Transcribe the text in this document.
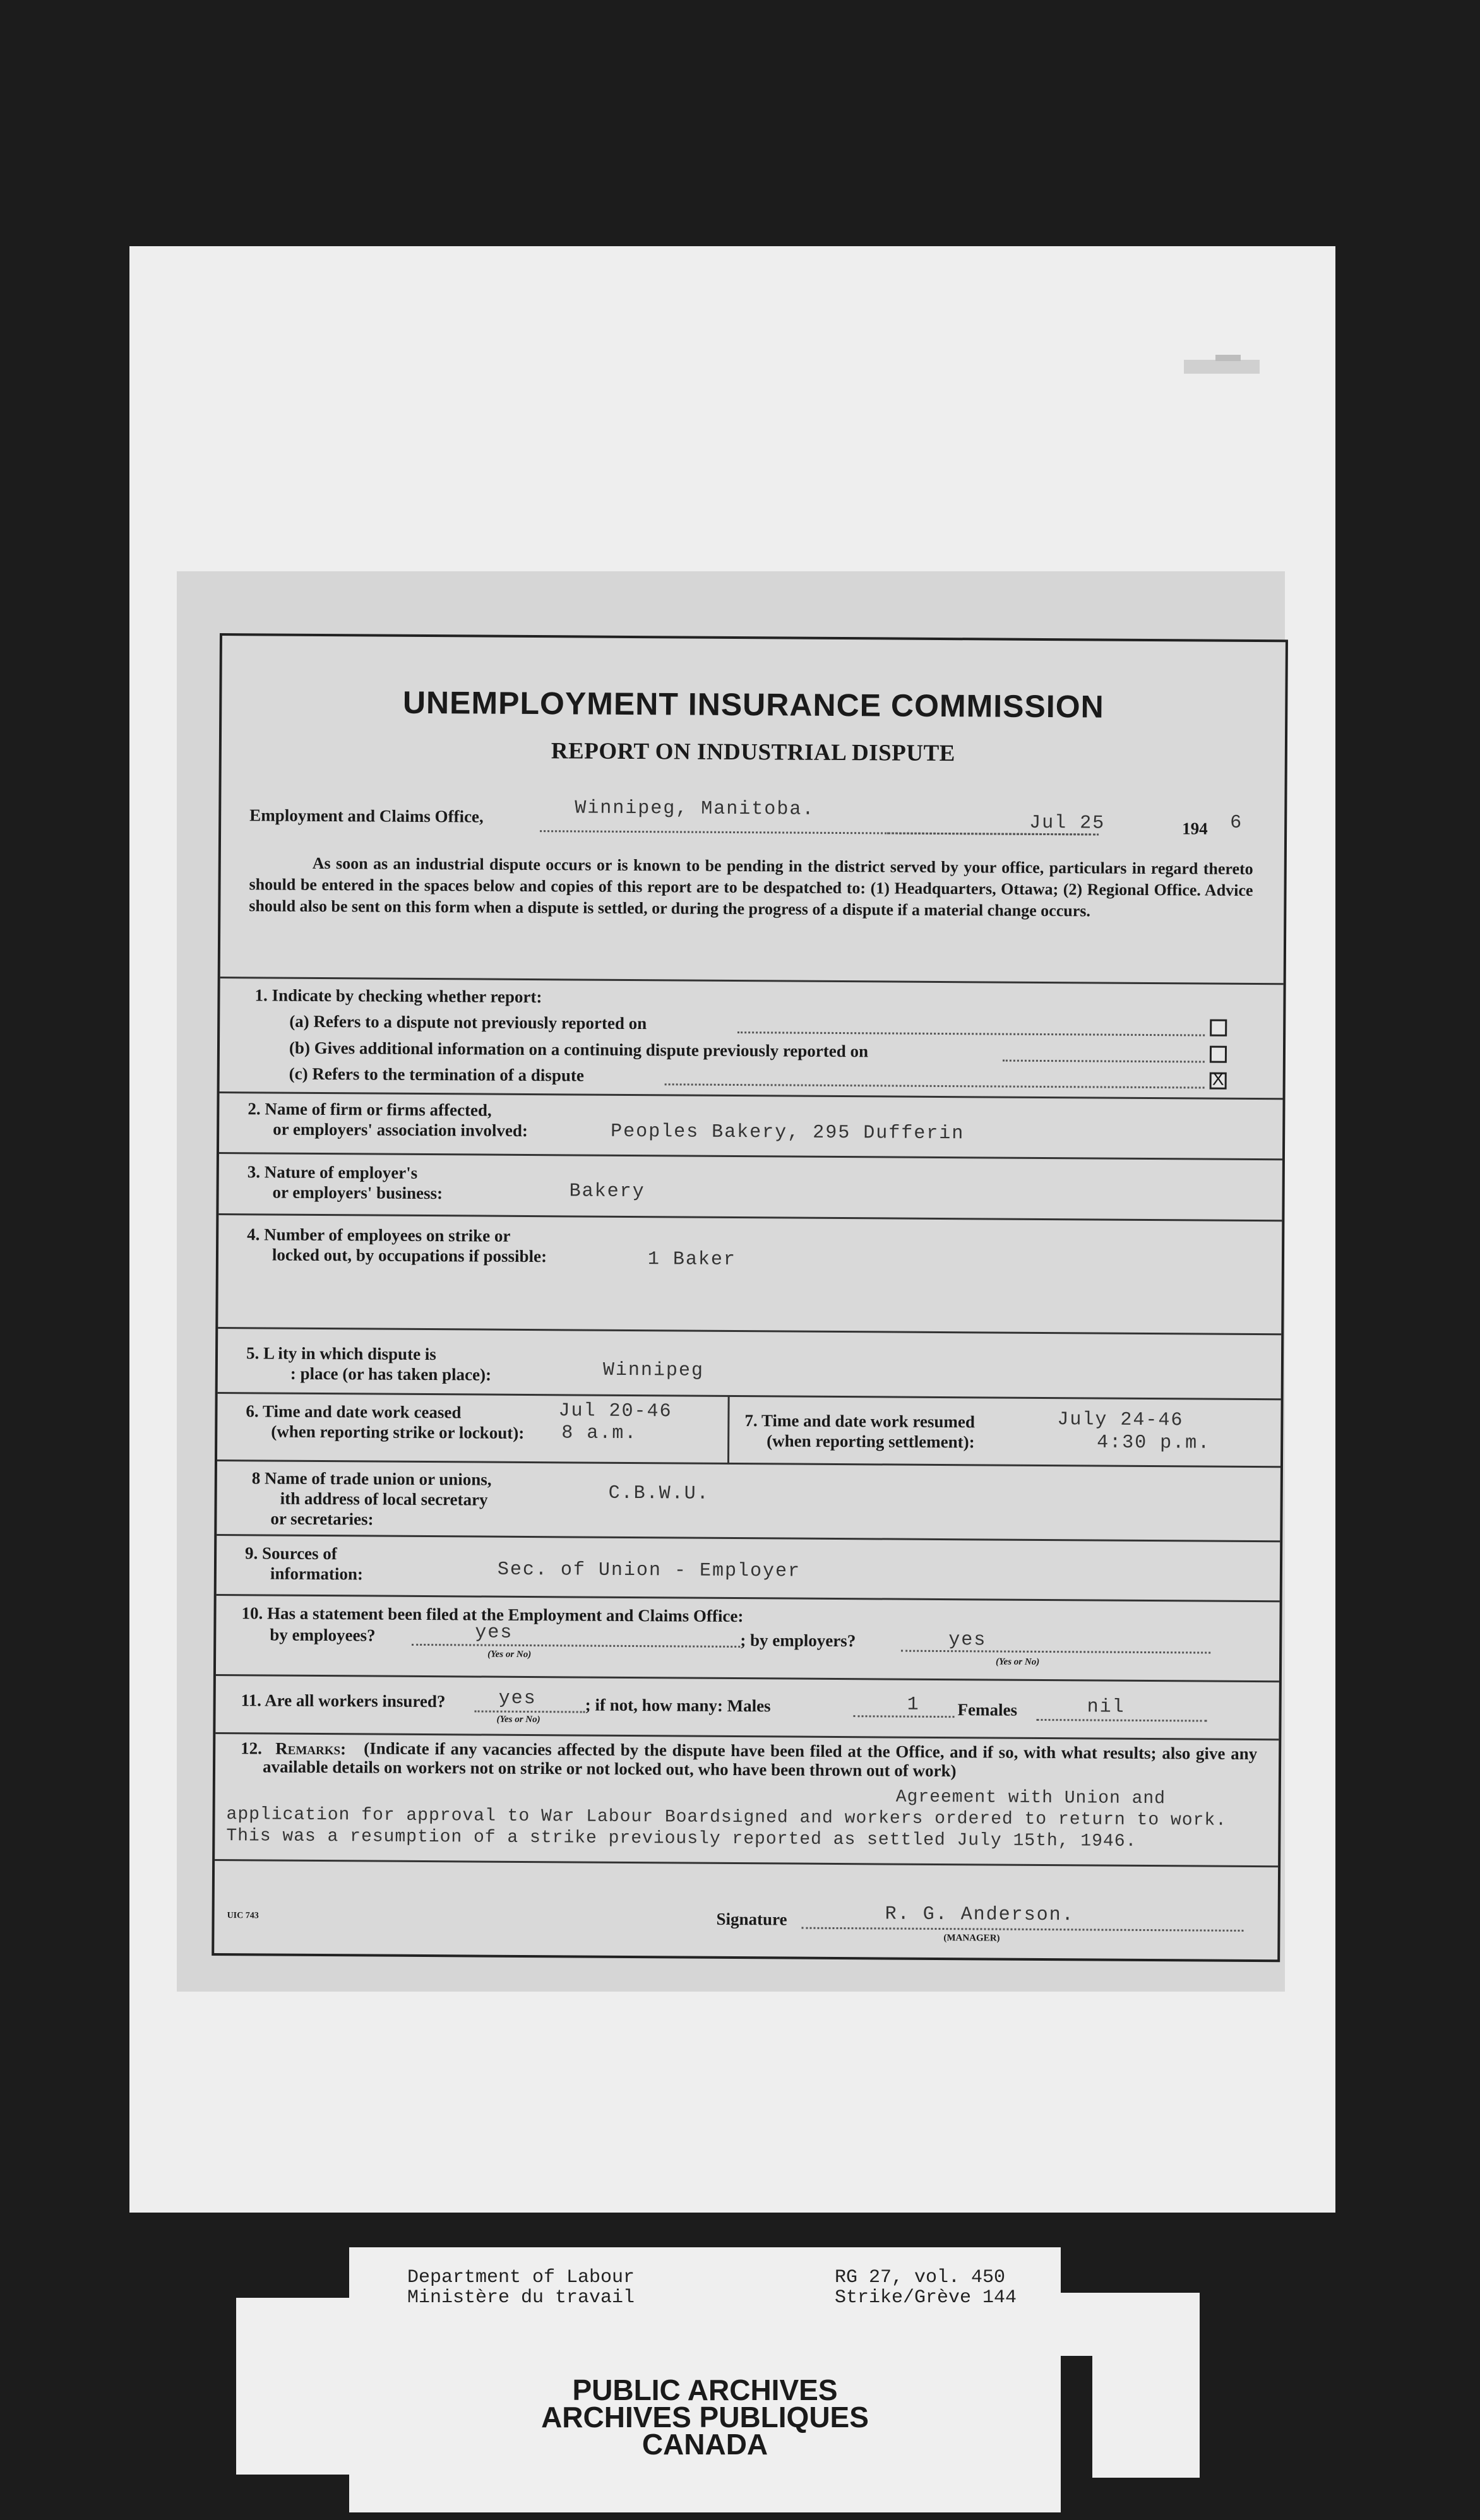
UNEMPLOYMENT INSURANCE COMMISSION
REPORT ON INDUSTRIAL DISPUTE
Employment and Claims Office,	Winnipeg, Manitoba.
Jul 25	194 6
As soon as an industrial dispute occurs or is known to be pending in the district served by your office, particulars in regard thereto should be entered in the spaces below and copies of this report are to be despatched to: (1) Headquarters, Ottawa; (2) Regional Office. Advice should also be sent on this form when a dispute is settled, or during the progress of a dispute if a material change occurs.
1. Indicate by checking whether report:
(a) Refers to a dispute not previously reported on
(b) Gives additional information on a continuing dispute previously reported on
(c) Refers to the termination of a dispute	X
2. Name of firm or firms affected,
or employers' association involved:	Peoples Bakery, 295 Dufferin
3. Nature of employer's
or employers' business:	Bakery
4. Number of employees on strike or
locked out, by occupations if possible:	1 Baker
5. L ity in which dispute is
: place (or has taken place):	Winnipeg
6. Time and date work ceased
(when reporting strike or lockout):
Jul 20-46
8 a.m.
7. Time and date work resumed
(when reporting settlement):
July 24-46
4:30 p.m.
8 Name of trade union or unions,
ith address of local secretary
or secretaries:
C.B.W.U.
9. Sources of
information:	Sec. of Union - Employer
10. Has a statement been filed at the Employment and Claims Office:
by employees?	yes
(Yes or No)
; by employers?	yes
(Yes or No)
11. Are all workers insured?	yes
(Yes or No)
; if not, how many: Males	1 Females	nil
12. Remarks:	(Indicate if any vacancies affected by the dispute have been filed at the Office, and if so, with what results; also give any available details on workers not on strike or not locked out, who have been thrown out of work)
Agreement with Union and application for approval to War Labour Boardsigned and workers ordered to return to work. This was a resumption of a strike previously reported as settled July 15th, 1946.
UIC 743	Signature	R. G. Anderson.
(MANAGER)
Department of Labour
Ministère du travail
RG 27, vol. 450
Strike/Grève 144
PUBLIC ARCHIVES
ARCHIVES PUBLIQUES
CANADA
